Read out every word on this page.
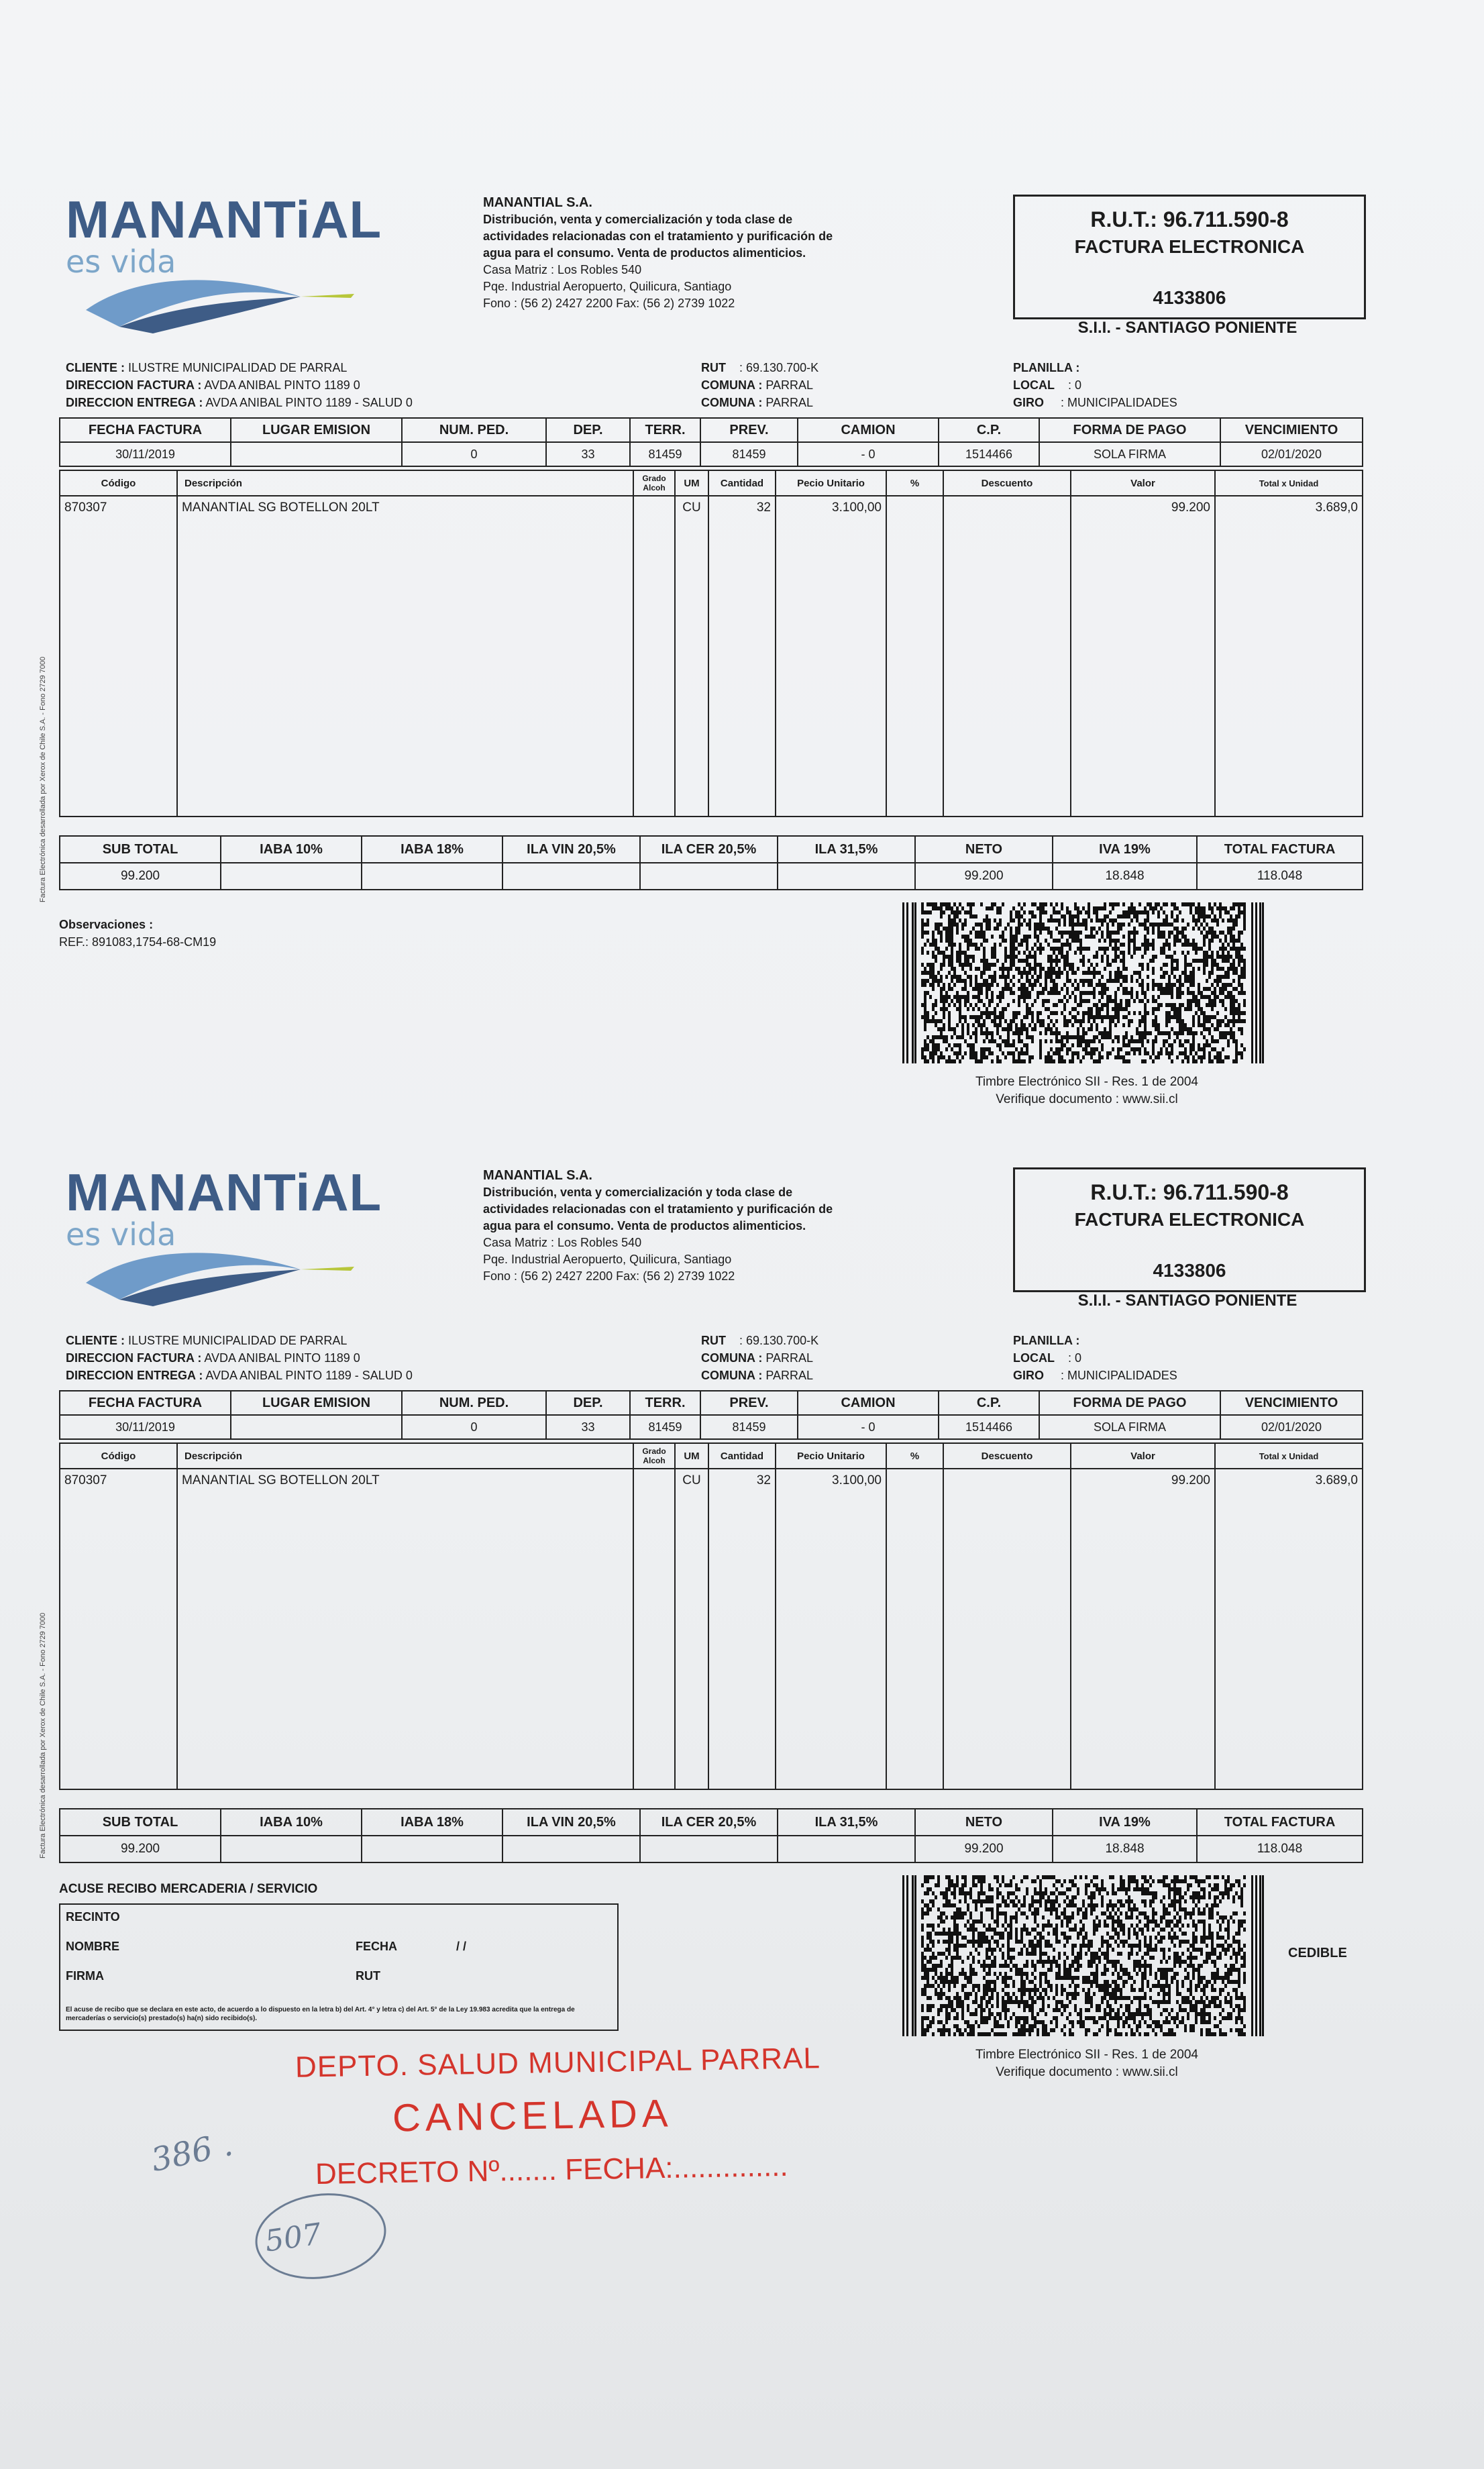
MANANTiAL
es vida
MANANTIAL S.A.
Distribución, venta y comercialización y toda clase de
actividades relacionadas con el tratamiento y purificación de
agua para el consumo. Venta de productos alimenticios.
Casa Matriz : Los Robles 540
Pqe. Industrial Aeropuerto, Quilicura, Santiago
Fono : (56 2) 2427 2200 Fax: (56 2) 2739 1022
R.U.T.: 96.711.590-8
FACTURA ELECTRONICA
4133806
S.I.I. - SANTIAGO PONIENTE
CLIENTE : ILUSTRE MUNICIPALIDAD DE PARRAL
DIRECCION FACTURA : AVDA ANIBAL PINTO 1189 0
DIRECCION ENTREGA : AVDA ANIBAL PINTO 1189 - SALUD 0
RUT : 69.130.700-K
COMUNA : PARRAL
COMUNA : PARRAL
PLANILLA :
LOCAL : 0
GIRO : MUNICIPALIDADES
FECHA FACTURA	LUGAR EMISION	NUM. PED.	DEP.	TERR.	PREV.	CAMION	C.P.	FORMA DE PAGO	VENCIMIENTO
30/11/2019		0	33	81459	81459	- 0	1514466	SOLA FIRMA	02/01/2020
Código	Descripción	Grado Alcoh	UM	Cantidad	Pecio Unitario	%	Descuento	Valor	Total x Unidad
870307	MANANTIAL SG BOTELLON 20LT		CU	32	3.100,00			99.200	3.689,0
SUB TOTAL	IABA 10%	IABA 18%	ILA VIN 20,5%	ILA CER 20,5%	ILA 31,5%	NETO	IVA 19%	TOTAL FACTURA
99.200						99.200	18.848	118.048
Observaciones :
REF.: 891083,1754-68-CM19
Timbre Electrónico SII - Res. 1 de 2004
Verifique documento : www.sii.cl
MANANTiAL
es vida
MANANTIAL S.A.
Distribución, venta y comercialización y toda clase de
actividades relacionadas con el tratamiento y purificación de
agua para el consumo. Venta de productos alimenticios.
Casa Matriz : Los Robles 540
Pqe. Industrial Aeropuerto, Quilicura, Santiago
Fono : (56 2) 2427 2200 Fax: (56 2) 2739 1022
R.U.T.: 96.711.590-8
FACTURA ELECTRONICA
4133806
S.I.I. - SANTIAGO PONIENTE
CLIENTE : ILUSTRE MUNICIPALIDAD DE PARRAL
DIRECCION FACTURA : AVDA ANIBAL PINTO 1189 0
DIRECCION ENTREGA : AVDA ANIBAL PINTO 1189 - SALUD 0
RUT : 69.130.700-K
COMUNA : PARRAL
COMUNA : PARRAL
PLANILLA :
LOCAL : 0
GIRO : MUNICIPALIDADES
FECHA FACTURA	LUGAR EMISION	NUM. PED.	DEP.	TERR.	PREV.	CAMION	C.P.	FORMA DE PAGO	VENCIMIENTO
30/11/2019		0	33	81459	81459	- 0	1514466	SOLA FIRMA	02/01/2020
Código	Descripción	Grado Alcoh	UM	Cantidad	Pecio Unitario	%	Descuento	Valor	Total x Unidad
870307	MANANTIAL SG BOTELLON 20LT		CU	32	3.100,00			99.200	3.689,0
SUB TOTAL	IABA 10%	IABA 18%	ILA VIN 20,5%	ILA CER 20,5%	ILA 31,5%	NETO	IVA 19%	TOTAL FACTURA
99.200						99.200	18.848	118.048
ACUSE RECIBO MERCADERIA / SERVICIO
RECINTO
NOMBRE	FECHA	/ /
FIRMA	RUT
El acuse de recibo que se declara en este acto, de acuerdo a lo dispuesto en la letra b) del Art. 4° y letra c) del Art. 5° de la Ley 19.983 acredita que la entrega de mercaderías o servicio(s) prestado(s) ha(n) sido recibido(s).
CEDIBLE
Timbre Electrónico SII - Res. 1 de 2004
Verifique documento : www.sii.cl
Factura Electrónica desarrollada por Xerox de Chile S.A. - Fono 2729 7000
Factura Electrónica desarrollada por Xerox de Chile S.A. - Fono 2729 7000
DEPTO. SALUD MUNICIPAL PARRAL
CANCELADA
DECRETO Nº....... FECHA:..............
386 .
507
